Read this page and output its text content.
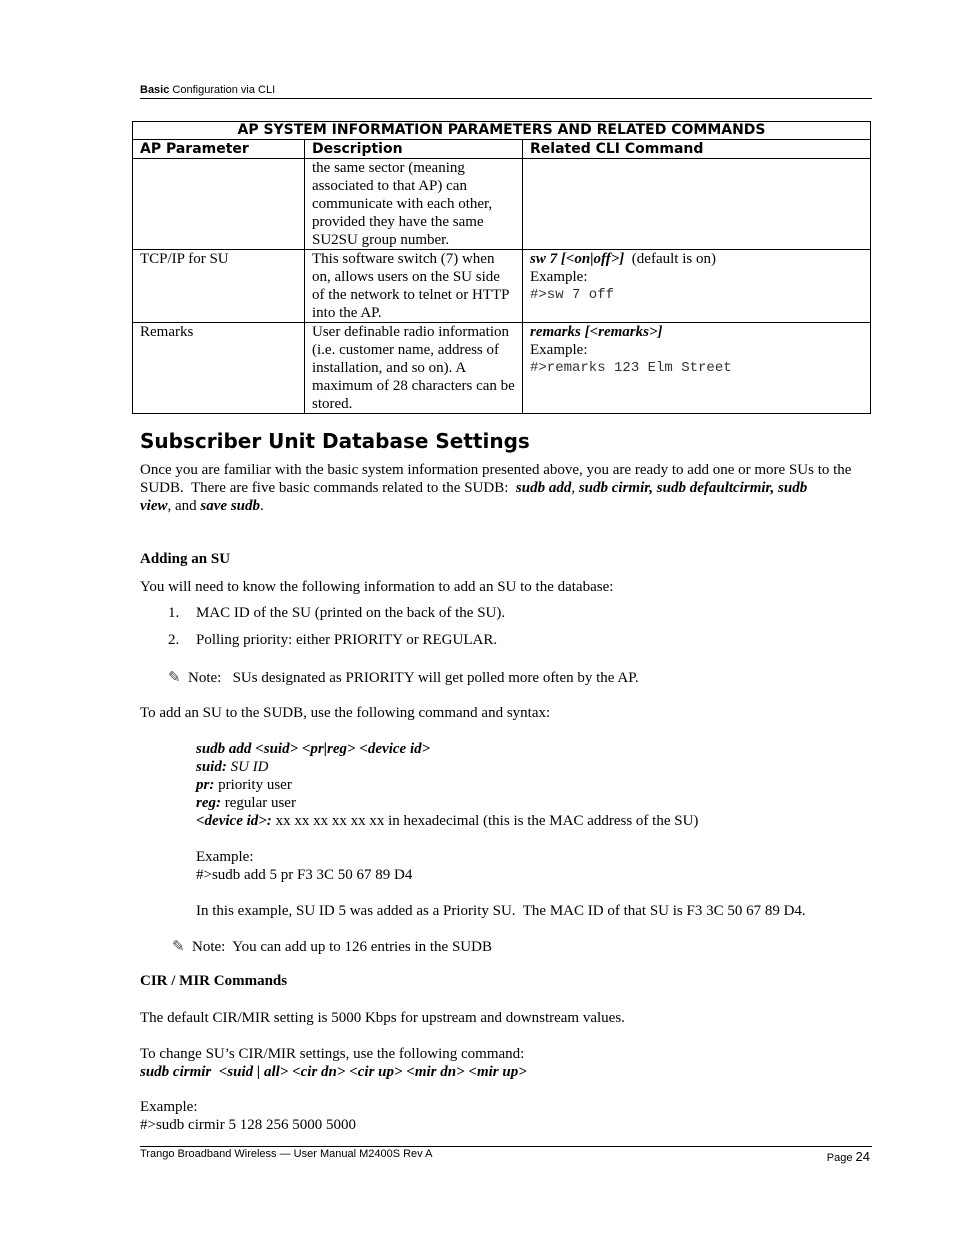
Basic Configuration via CLI
AP SYSTEM INFORMATION PARAMETERS AND RELATED COMMANDS		
AP Parameter	Description	Related CLI Command
	the same sector (meaning associated to that AP) can communicate with each other, provided they have the same SU2SU group number.	
TCP/IP for SU	This software switch (7) when on, allows users on the SU side of the network to telnet or HTTP into the AP.	sw 7 [<on|off>]  (default is on)
Example:
#>sw 7 off

Remarks	User definable radio information (i.e. customer name, address of installation, and so on). A maximum of 28 characters can be stored.	remarks [<remarks>]
Example:
#>remarks 123 Elm Street
Subscriber Unit Database Settings
Once you are familiar with the basic system information presented above, you are ready to add one or more SUs to the SUDB.  There are five basic commands related to the SUDB:  sudb add, sudb cirmir, sudb defaultcirmir, sudb view, and save sudb.
Adding an SU
You will need to know the following information to add an SU to the database:
1. MAC ID of the SU (printed on the back of the SU).
2. Polling priority: either PRIORITY or REGULAR.
✎ Note:   SUs designated as PRIORITY will get polled more often by the AP.
To add an SU to the SUDB, use the following command and syntax:
sudb add <suid> <pr|reg> <device id>
suid: SU ID
pr: priority user
reg: regular user
<device id>: xx xx xx xx xx xx in hexadecimal (this is the MAC address of the SU)
Example:
#>sudb add 5 pr F3 3C 50 67 89 D4
In this example, SU ID 5 was added as a Priority SU.  The MAC ID of that SU is F3 3C 50 67 89 D4.
✎ Note:  You can add up to 126 entries in the SUDB
CIR / MIR Commands
The default CIR/MIR setting is 5000 Kbps for upstream and downstream values.
To change SU’s CIR/MIR settings, use the following command:
sudb cirmir  <suid | all> <cir dn> <cir up> <mir dn> <mir up>
Example:
#>sudb cirmir 5 128 256 5000 5000
Trango Broadband Wireless — User Manual M2400S Rev A	Page 24
